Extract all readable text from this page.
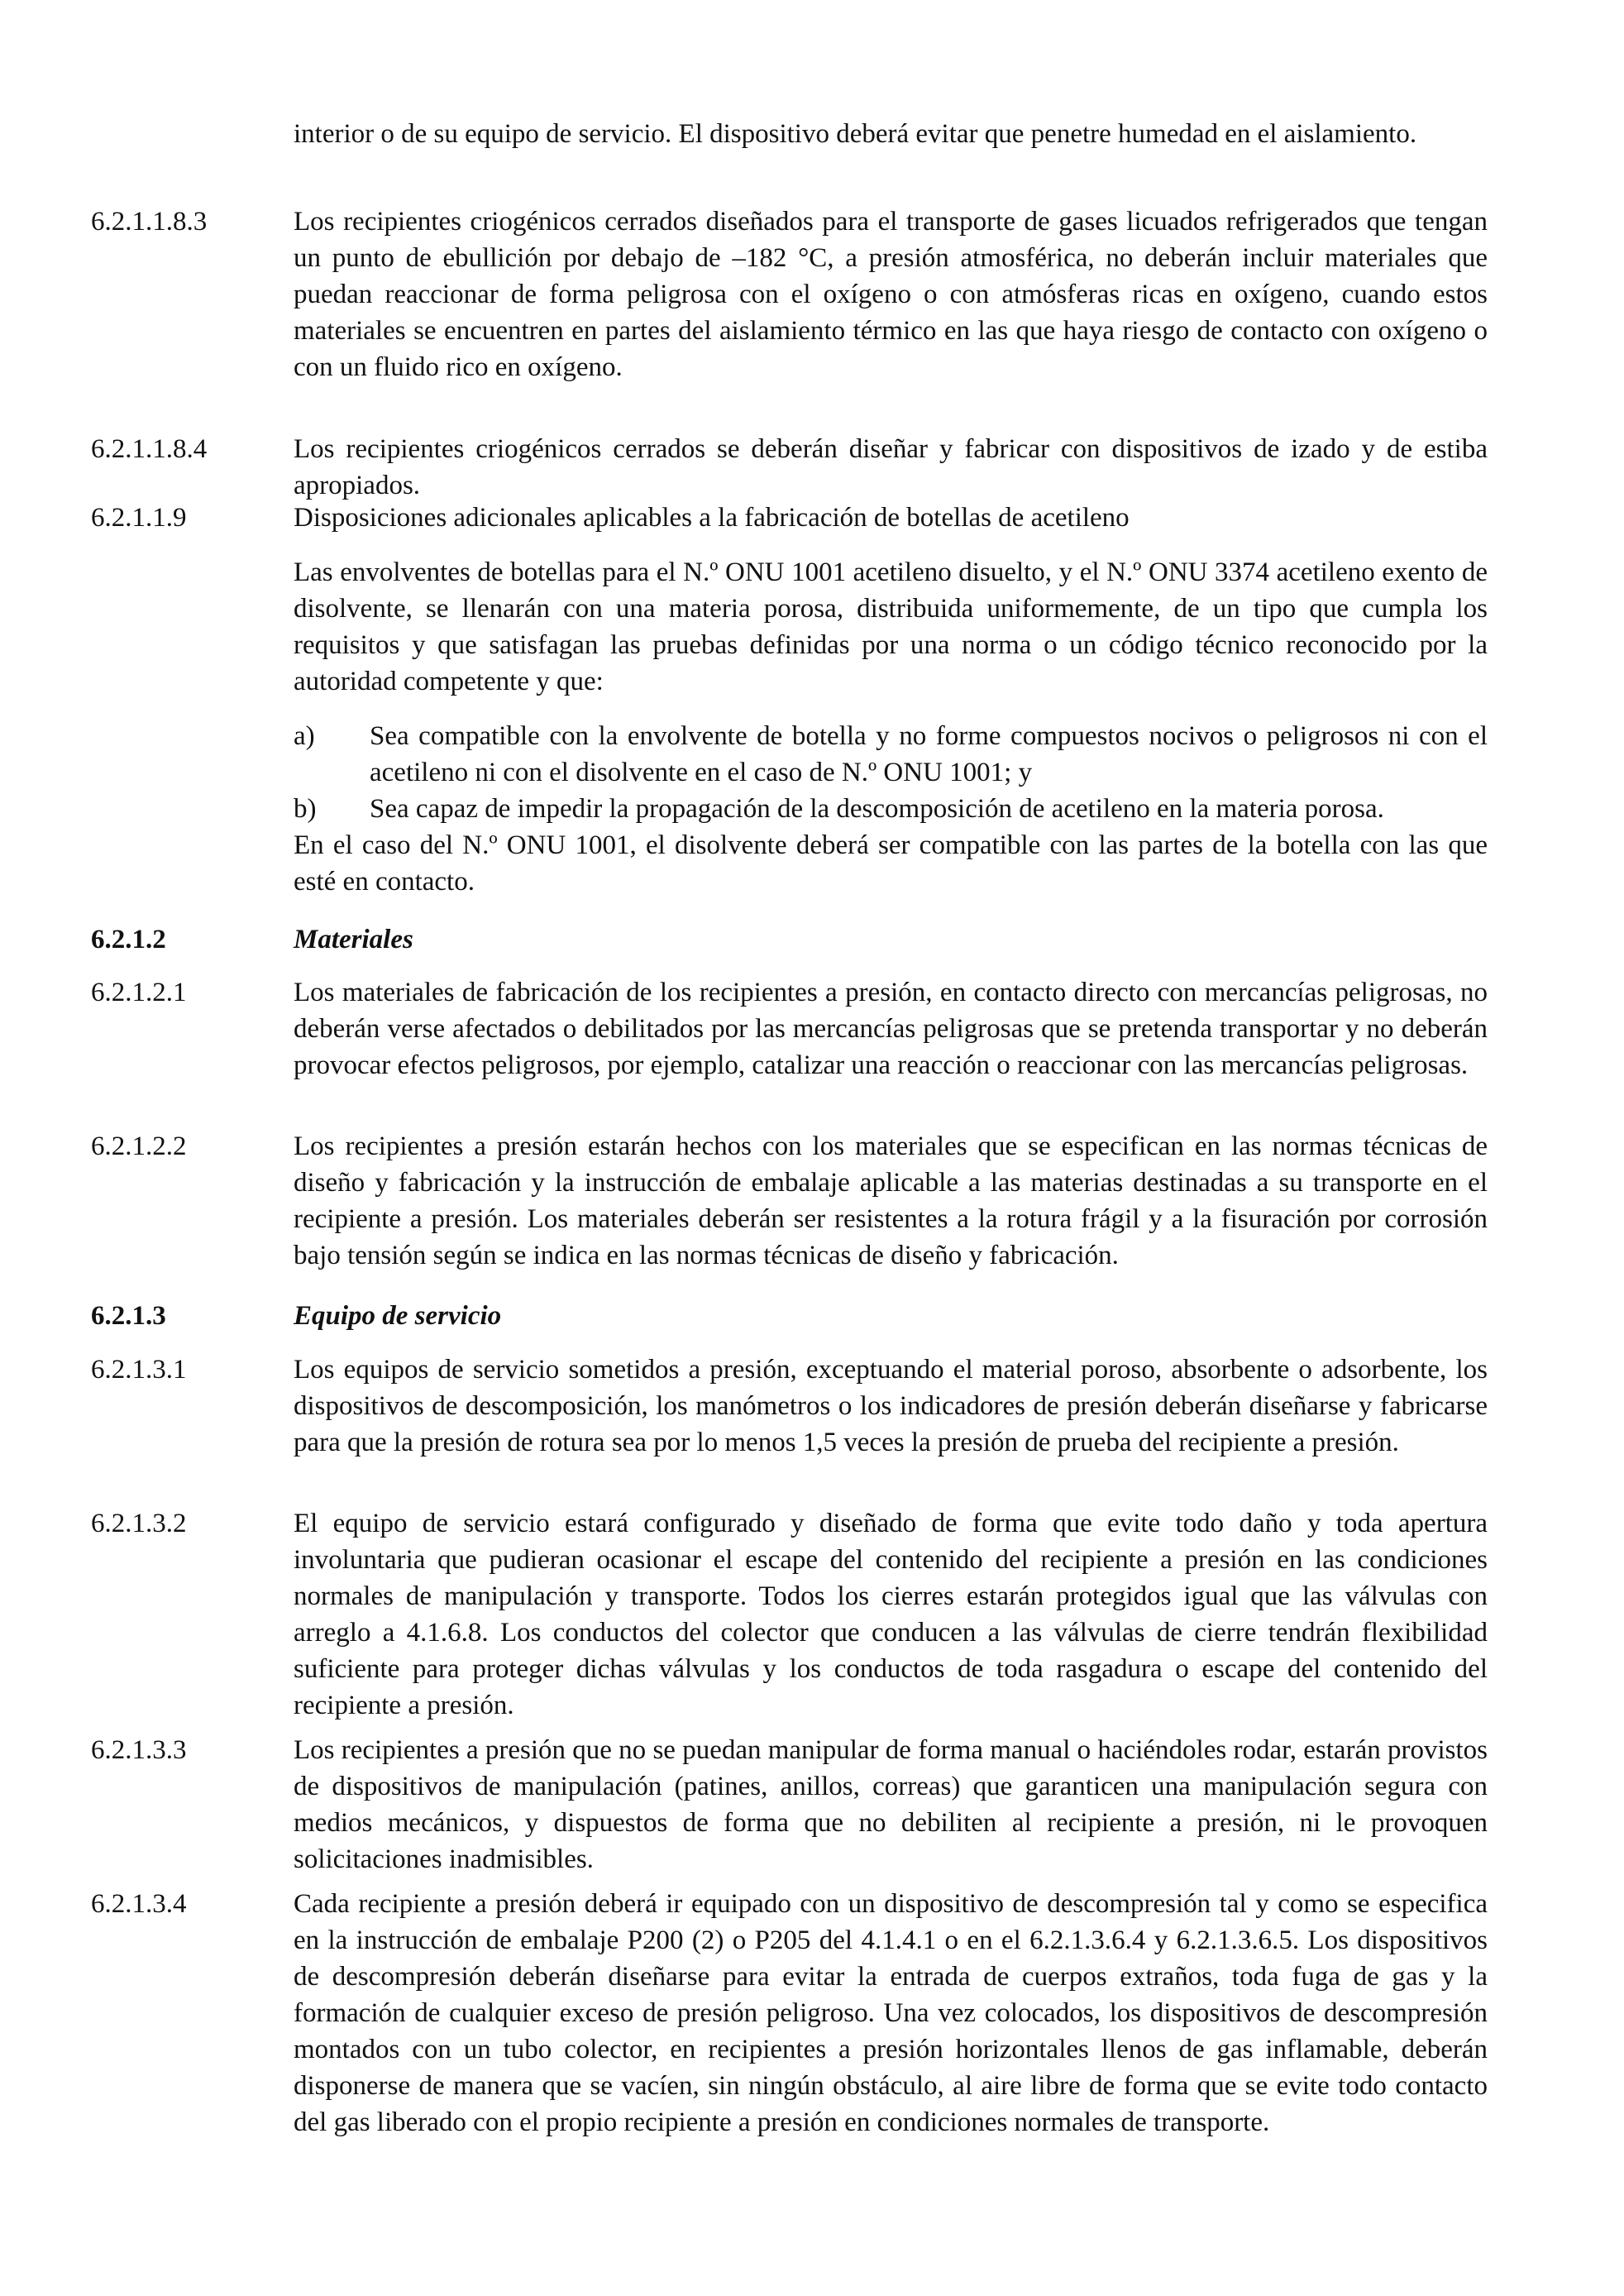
interior o de su equipo de servicio. El dispositivo deberá evitar que penetre humedad en el aislamiento.

6.2.1.1.8.3	Los recipientes criogénicos cerrados diseñados para el transporte de gases licuados refrigerados que tengan un punto de ebullición por debajo de –182 °C, a presión atmosférica, no deberán incluir materiales que puedan reaccionar de forma peligrosa con el oxígeno o con atmósferas ricas en oxígeno, cuando estos materiales se encuentren en partes del aislamiento térmico en las que haya riesgo de contacto con oxígeno o con un fluido rico en oxígeno.

6.2.1.1.8.4	Los recipientes criogénicos cerrados se deberán diseñar y fabricar con dispositivos de izado y de estiba apropiados.

6.2.1.1.9	Disposiciones adicionales aplicables a la fabricación de botellas de acetileno

Las envolventes de botellas para el N.º ONU 1001 acetileno disuelto, y el N.º ONU 3374 acetileno exento de disolvente, se llenarán con una materia porosa, distribuida uniformemente, de un tipo que cumpla los requisitos y que satisfagan las pruebas definidas por una norma o un código técnico reconocido por la autoridad competente y que:

a) Sea compatible con la envolvente de botella y no forme compuestos nocivos o peligrosos ni con el acetileno ni con el disolvente en el caso de N.º ONU 1001; y
b) Sea capaz de impedir la propagación de la descomposición de acetileno en la materia porosa.

En el caso del N.º ONU 1001, el disolvente deberá ser compatible con las partes de la botella con las que esté en contacto.

6.2.1.2	Materiales

6.2.1.2.1	Los materiales de fabricación de los recipientes a presión, en contacto directo con mercancías peligrosas, no deberán verse afectados o debilitados por las mercancías peligrosas que se pretenda transportar y no deberán provocar efectos peligrosos, por ejemplo, catalizar una reacción o reaccionar con las mercancías peligrosas.

6.2.1.2.2	Los recipientes a presión estarán hechos con los materiales que se especifican en las normas técnicas de diseño y fabricación y la instrucción de embalaje aplicable a las materias destinadas a su transporte en el recipiente a presión. Los materiales deberán ser resistentes a la rotura frágil y a la fisuración por corrosión bajo tensión según se indica en las normas técnicas de diseño y fabricación.

6.2.1.3	Equipo de servicio

6.2.1.3.1	Los equipos de servicio sometidos a presión, exceptuando el material poroso, absorbente o adsorbente, los dispositivos de descomposición, los manómetros o los indicadores de presión deberán diseñarse y fabricarse para que la presión de rotura sea por lo menos 1,5 veces la presión de prueba del recipiente a presión.

6.2.1.3.2	El equipo de servicio estará configurado y diseñado de forma que evite todo daño y toda apertura involuntaria que pudieran ocasionar el escape del contenido del recipiente a presión en las condiciones normales de manipulación y transporte. Todos los cierres estarán protegidos igual que las válvulas con arreglo a 4.1.6.8. Los conductos del colector que conducen a las válvulas de cierre tendrán flexibilidad suficiente para proteger dichas válvulas y los conductos de toda rasgadura o escape del contenido del recipiente a presión.

6.2.1.3.3	Los recipientes a presión que no se puedan manipular de forma manual o haciéndoles rodar, estarán provistos de dispositivos de manipulación (patines, anillos, correas) que garanticen una manipulación segura con medios mecánicos, y dispuestos de forma que no debiliten al recipiente a presión, ni le provoquen solicitaciones inadmisibles.

6.2.1.3.4	Cada recipiente a presión deberá ir equipado con un dispositivo de descompresión tal y como se especifica en la instrucción de embalaje P200 (2) o P205 del 4.1.4.1 o en el 6.2.1.3.6.4 y 6.2.1.3.6.5. Los dispositivos de descompresión deberán diseñarse para evitar la entrada de cuerpos extraños, toda fuga de gas y la formación de cualquier exceso de presión peligroso. Una vez colocados, los dispositivos de descompresión montados con un tubo colector, en recipientes a presión horizontales llenos de gas inflamable, deberán disponerse de manera que se vacíen, sin ningún obstáculo, al aire libre de forma que se evite todo contacto del gas liberado con el propio recipiente a presión en condiciones normales de transporte.
